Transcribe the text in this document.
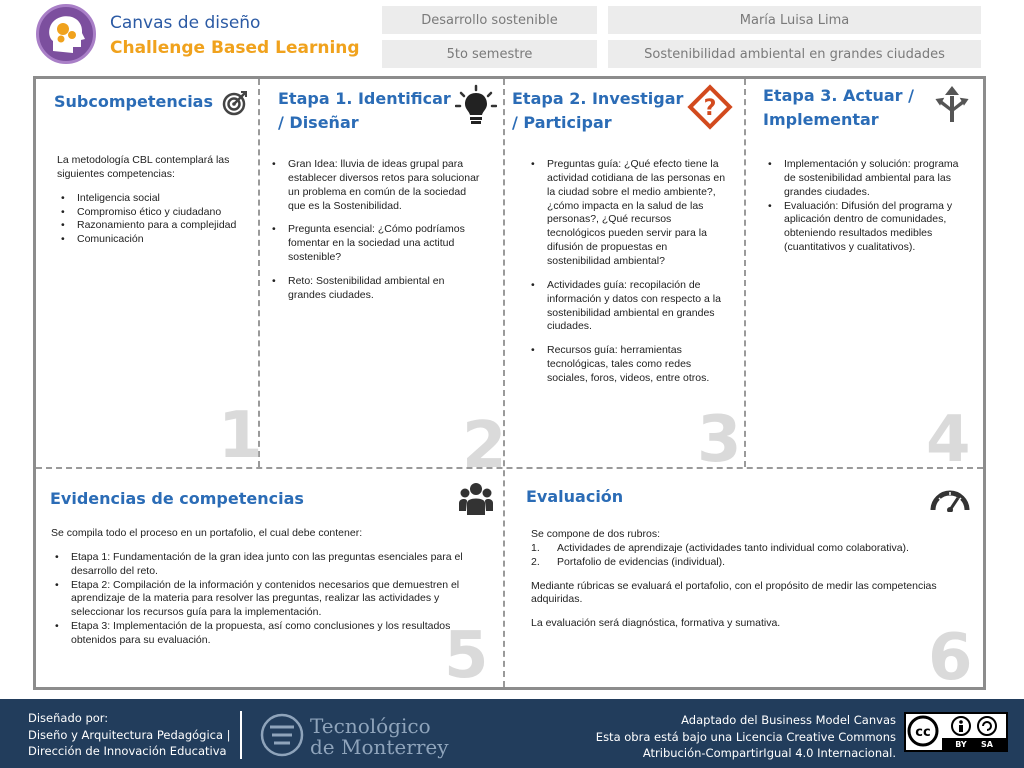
Canvas de diseño
Challenge Based Learning
Desarrollo sostenible	María Luisa Lima
5to semestre	Sostenibilidad ambiental en grandes ciudades
Subcompetencias

La metodología CBL contemplará las siguientes competencias:

• Inteligencia social
• Compromiso ético y ciudadano
• Razonamiento para a complejidad
• Comunicación
1
Etapa 1. Identificar / Diseñar
• Gran Idea: lluvia de ideas grupal para establecer diversos retos para solucionar un problema en común de la sociedad que es la Sostenibilidad.
• Pregunta esencial: ¿Cómo podríamos fomentar en la sociedad una actitud sostenible?
• Reto: Sostenibilidad ambiental en grandes ciudades.
2
Etapa 2. Investigar / Participar
?
• Preguntas guía: ¿Qué efecto tiene la actividad cotidiana de las personas en la ciudad sobre el medio ambiente?, ¿cómo impacta en la salud de las personas?, ¿Qué recursos tecnológicos pueden servir para la difusión de propuestas en sostenibilidad ambiental?
• Actividades guía: recopilación de información y datos con respecto a la sostenibilidad ambiental en grandes ciudades.
• Recursos guía: herramientas tecnológicas, tales como redes sociales, foros, videos, entre otros.
3
Etapa 3. Actuar / Implementar
• Implementación y solución: programa de sostenibilidad ambiental para las grandes ciudades.
• Evaluación: Difusión del programa y aplicación dentro de comunidades, obteniendo resultados medibles (cuantitativos y cualitativos).
4
Evidencias de competencias

Se compila todo el proceso en un portafolio, el cual debe contener:

• Etapa 1: Fundamentación de la gran idea junto con las preguntas esenciales para el desarrollo del reto.
• Etapa 2: Compilación de la información y contenidos necesarios que demuestren el aprendizaje de la materia para resolver las preguntas, realizar las actividades y seleccionar los recursos guía para la implementación.
• Etapa 3: Implementación de la propuesta, así como conclusiones y los resultados obtenidos para su evaluación.	5
Evaluación

Se compone de dos rubros:

1. Actividades de aprendizaje (actividades tanto individual como colaborativa).
2. Portafolio de evidencias (individual).

Mediante rúbricas se evaluará el portafolio, con el propósito de medir las competencias adquiridas.

La evaluación será diagnóstica, formativa y sumativa.	6
Diseñado por:
Diseño y Arquitectura Pedagógica |
Dirección de Innovación Educativa
Tecnológico
de Monterrey
Adaptado del Business Model Canvas
Esta obra está bajo una Licencia Creative Commons
Atribución-CompartirIgual 4.0 Internacional.
cc
BY SA
